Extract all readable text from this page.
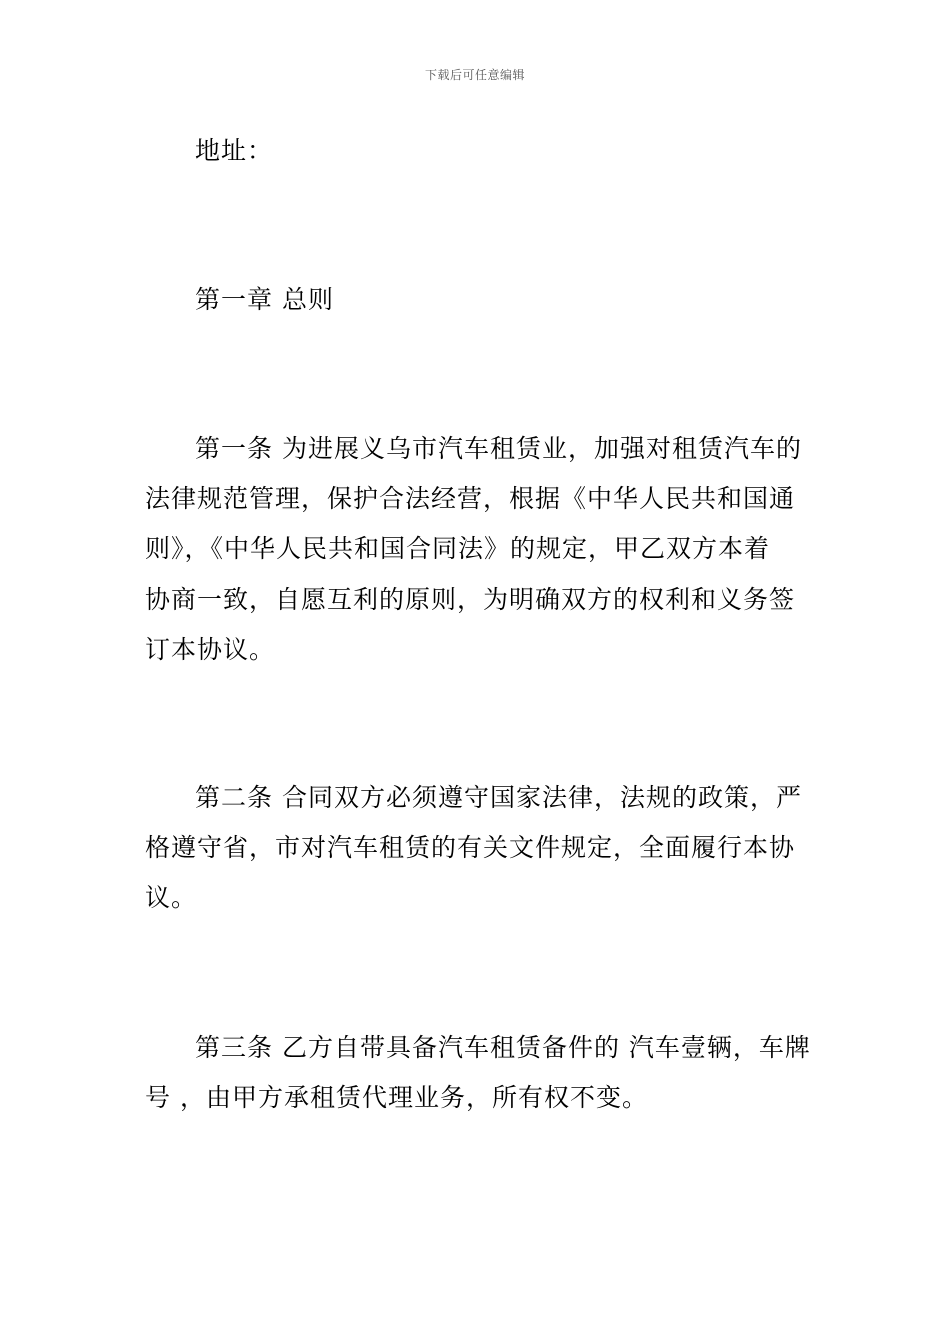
下载后可任意编辑
地址：
第一章 总则
第一条 为进展义乌市汽车租赁业，加强对租赁汽车的
法律规范管理，保护合法经营，根据《中华人民共和国通
则》，《中华人民共和国合同法》的规定，甲乙双方本着
协商一致，自愿互利的原则，为明确双方的权利和义务签
订本协议。
第二条 合同双方必须遵守国家法律，法规的政策，严
格遵守省，市对汽车租赁的有关文件规定，全面履行本协
议。
第三条 乙方自带具备汽车租赁备件的 汽车壹辆，车牌
号 ，由甲方承租赁代理业务，所有权不变。
